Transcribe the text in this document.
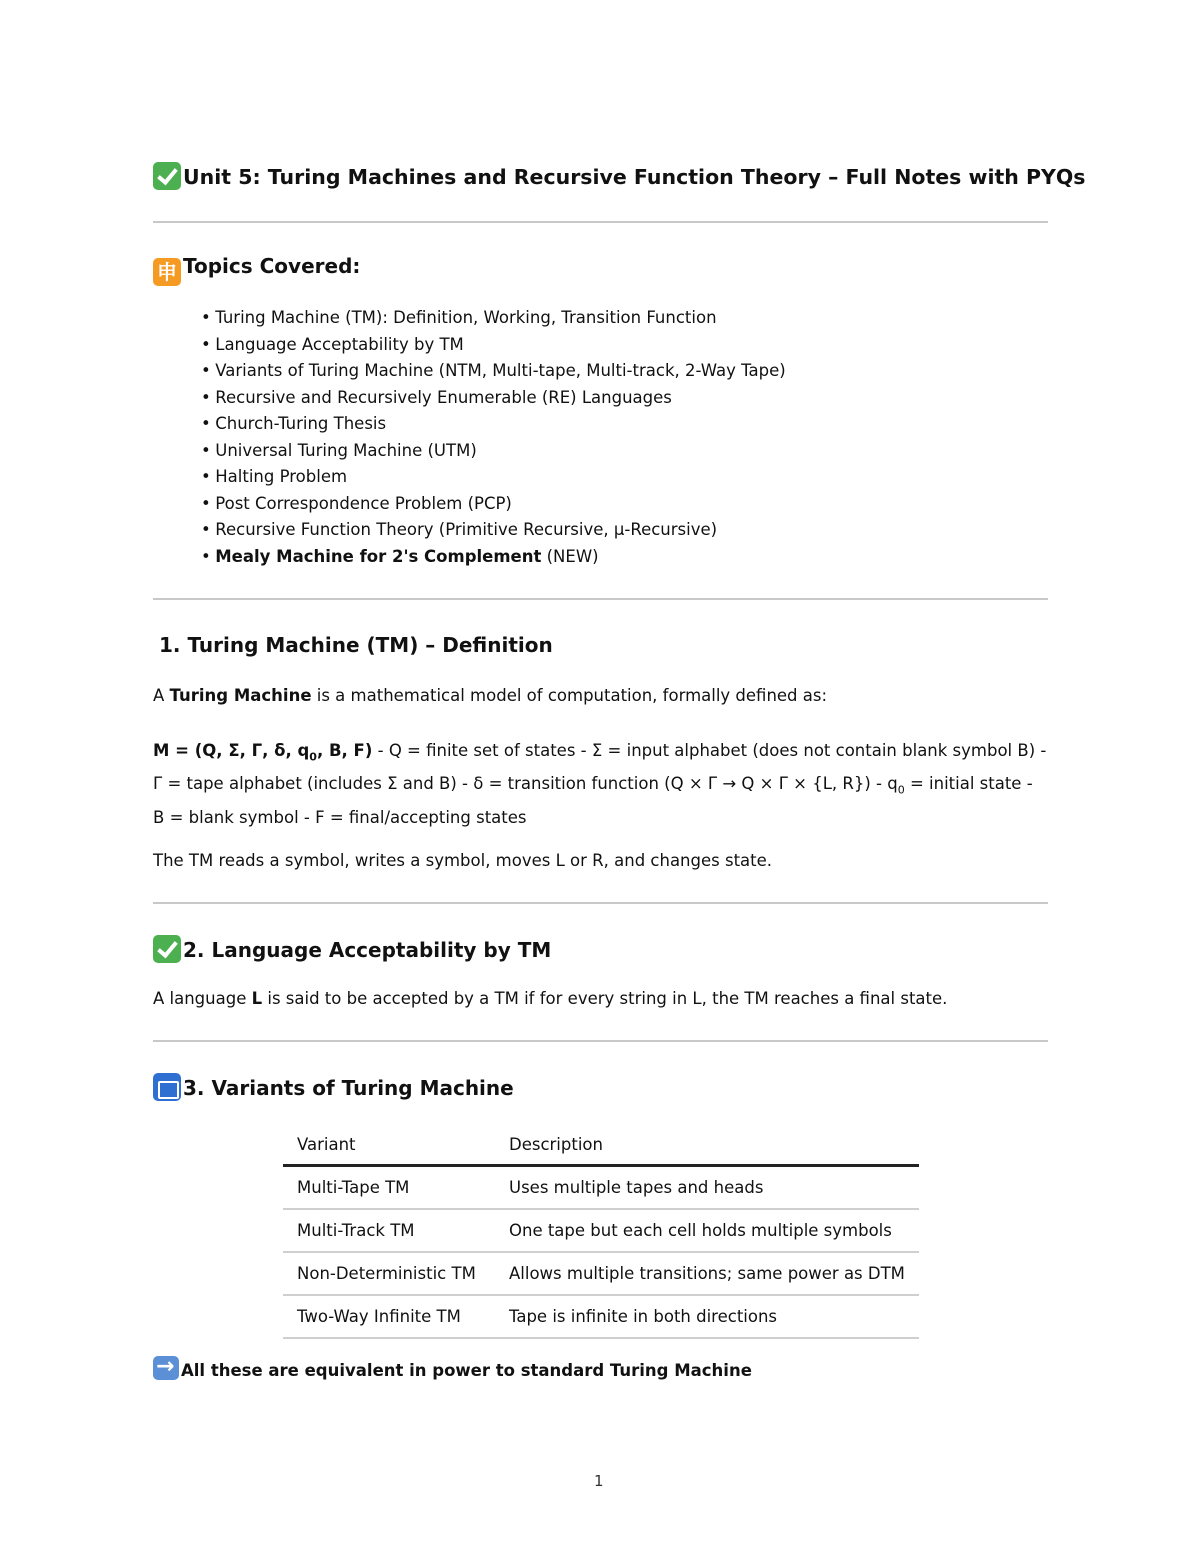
Unit 5: Turing Machines and Recursive Function Theory – Full Notes with PYQs
申 Topics Covered:
• Turing Machine (TM): Definition, Working, Transition Function
• Language Acceptability by TM
• Variants of Turing Machine (NTM, Multi-tape, Multi-track, 2-Way Tape)
• Recursive and Recursively Enumerable (RE) Languages
• Church-Turing Thesis
• Universal Turing Machine (UTM)
• Halting Problem
• Post Correspondence Problem (PCP)
• Recursive Function Theory (Primitive Recursive, μ-Recursive)
• Mealy Machine for 2's Complement (NEW)
1. Turing Machine (TM) – Definition

A Turing Machine is a mathematical model of computation, formally defined as:

M = (Q, Σ, Γ, δ, $q_0$, B, F) - Q = finite set of states - Σ = input alphabet (does not contain blank symbol B) - Γ = tape alphabet (includes Σ and B) - δ = transition function (Q × Γ → Q × Γ × {L, $R\}) - q_0$ = initial state - B = blank symbol - F = final/accepting states

The TM reads a symbol, writes a symbol, moves L or R, and changes state.

2. Language Acceptability by TM

A language L is said to be accepted by a TM if for every string in L, the TM reaches a final state.

3. Variants of Turing Machine
Variant	Description
Multi-Tape TM	Uses multiple tapes and heads
Multi-Track TM	One tape but each cell holds multiple symbols
Non-Deterministic TM	Allows multiple transitions; same power as DTM
Two-Way Infinite TM	Tape is infinite in both directions

→All these are equivalent in power to standard Turing Machine

1
